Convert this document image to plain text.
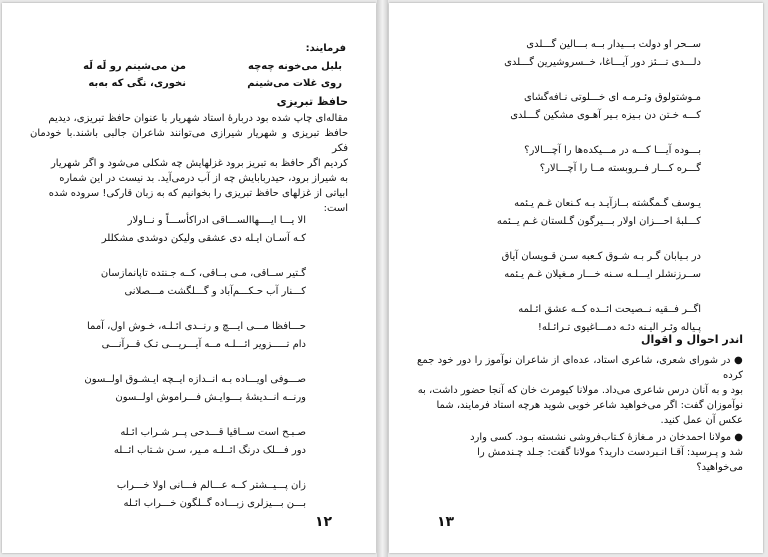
فرمایند:
بلبل می‌خونه چه‌چه
من می‌شینم رو لَه لَه
روی غلات می‌شینم
نخوری، نگی که به‌به
حافظ تبریزی
مقاله‌ای چاپ شده بود دربارهٔ استاد شهریار با عنوان حافظ تبریزی، دیدیم
حافظ تبریزی و شهریار شیرازی می‌توانند شاعران جالبی باشند.با خودمان فکر
کردیم اگر حافظ به تبریز برود غزلهایش چه شکلی می‌شود و اگر شهریار
به شیراز برود، حیدربابایش چه از آب درمی‌آید. بد نیست در این شماره
ابیاتی از غزلهای حافظ تبریزی را بخوانیم که به زبان قارکی! سروده شده
است:
الا یـــا ایــــهاالســـاقی ادراکأســـاً و نــاولار
کـه آسـان ایـله دی عشقی ولیکن دوشدی مشکللر
گـتیر ســاقی، مـی بــاقی، کــه جـنتده تاپانمازسان
کـــنار آب حـکـــم‌آباد و گـــلگشت مـــصلانی
حـــافظا مـــی ایـــچ و رنــدی ائـلـه، خـوش اول، آمما
دام تـــــزویر ائـــلـه مــه آیـــریـــی تـک قــرآنـــی
صـــوفی اویـــاده بـه انــدازه ایــچه ایـشـوق اولــسون
ورنــه انــدیشهٔ بـــوایـش فـــراموش اولــسون
صـبـح است ســاقیا قـــدحی پــر شـراب ائـله
دور فـــلک درنگ ائــلـه مـیر، سـن شـتاب ائــله
زان پـــیــشتر کــه عـــالم فـــانی اولا خـــراب
بـــن بـــیزلری زبـــاده گــلگون خـــراب ائـله
۱۲
ســحر او دولت بـــیدار بــه بـــالین گـــلدی
دلـــدی تـــئز دور آیـــاغا، خــسروشیرین گـــلدی
مـوشتولوق وئـرمـه ای خـــلوتی نـافه‌گشای
کـــه خـتن دن بـیزه بـیر آهـوی مشکین گـــلدی
بـــوده آیـــا کـــه در مـــیکده‌ها را آچـــالار؟
گـــره کـــار فــروبسته مــا را آچـــالار؟
یـوسف گـمگشته بــاز‌آیـد بـه کـنعان غـم یـئمه
کـــلبهٔ احـــزان اولار بـــیرگون گـلستان غـم یــئمه
در بـیابان گـر بـه شـوق کـعبه سـن قـویسان آیاق
ســرزنشلر ایـــلـه سـنه خـــار مـغیلان غـم یـئمه
اگــر فــقیه نــصیحت ائــده کــه عشق ائـلمه
پـیاله وئـر الیـنه دئـه دمـــاغیوی تـرائـله!
اندر احوال و اقوال
● در شورای شعری، شاعری استاد، عده‌ای از شاعران نوآموز را دور خود جمع کرده
بود و به آنان درس شاعری می‌داد. مولانا کیومرث خان که آنجا حضور داشت، به
نوآموزان گفت: اگر می‌خواهید شاعر خوبی شوید هرچه استاد فرمایند، شما
عکس آن عمل کنید.
● مولانا احمدخان در مـغازهٔ کـتاب‌فروشی نشسته بـود. کسی وارد
شد و پـرسید: آقـا انـبردست دارید؟ مولانا گفت: جـلد چـندمش را
می‌خواهید؟
۱۳
